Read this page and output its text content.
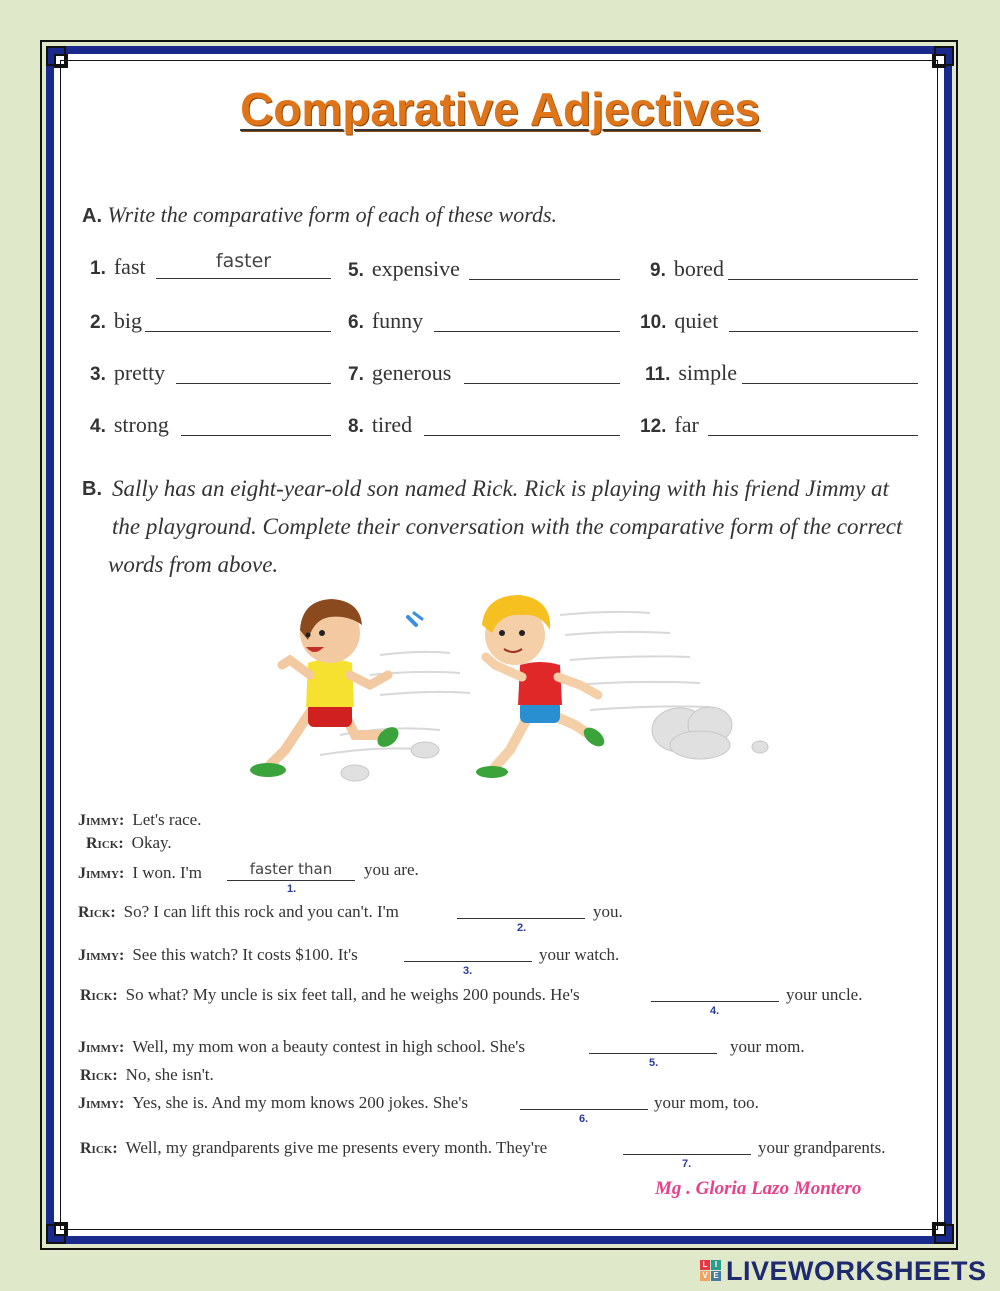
Comparative Adjectives
A. Write the comparative form of each of these words.
1. fast	faster
2. big
3. pretty
4. strong
5. expensive
6. funny
7. generous
8. tired
9. bored
10. quiet
11. simple
12. far
B. Sally has an eight-year-old son named Rick. Rick is playing with his friend Jimmy at
the playground. Complete their conversation with the comparative form of the correct
words from above.
Jimmy: Let's race.
Rick: Okay.
Jimmy: I won. I'm	faster than
1.
you are.
Rick: So? I can lift this rock and you can't. I'm
2.
you.
Jimmy: See this watch? It costs $100. It's
3.
your watch.
Rick: So what? My uncle is six feet tall, and he weighs 200 pounds. He's
4.
your uncle.
Jimmy: Well, my mom won a beauty contest in high school. She's
5.
your mom.
Rick: No, she isn't.
Jimmy: Yes, she is. And my mom knows 200 jokes. She's
6.
your mom, too.
Rick: Well, my grandparents give me presents every month. They're
7.
your grandparents.
Mg . Gloria Lazo Montero
L I
V E LIVEWORKSHEETS
